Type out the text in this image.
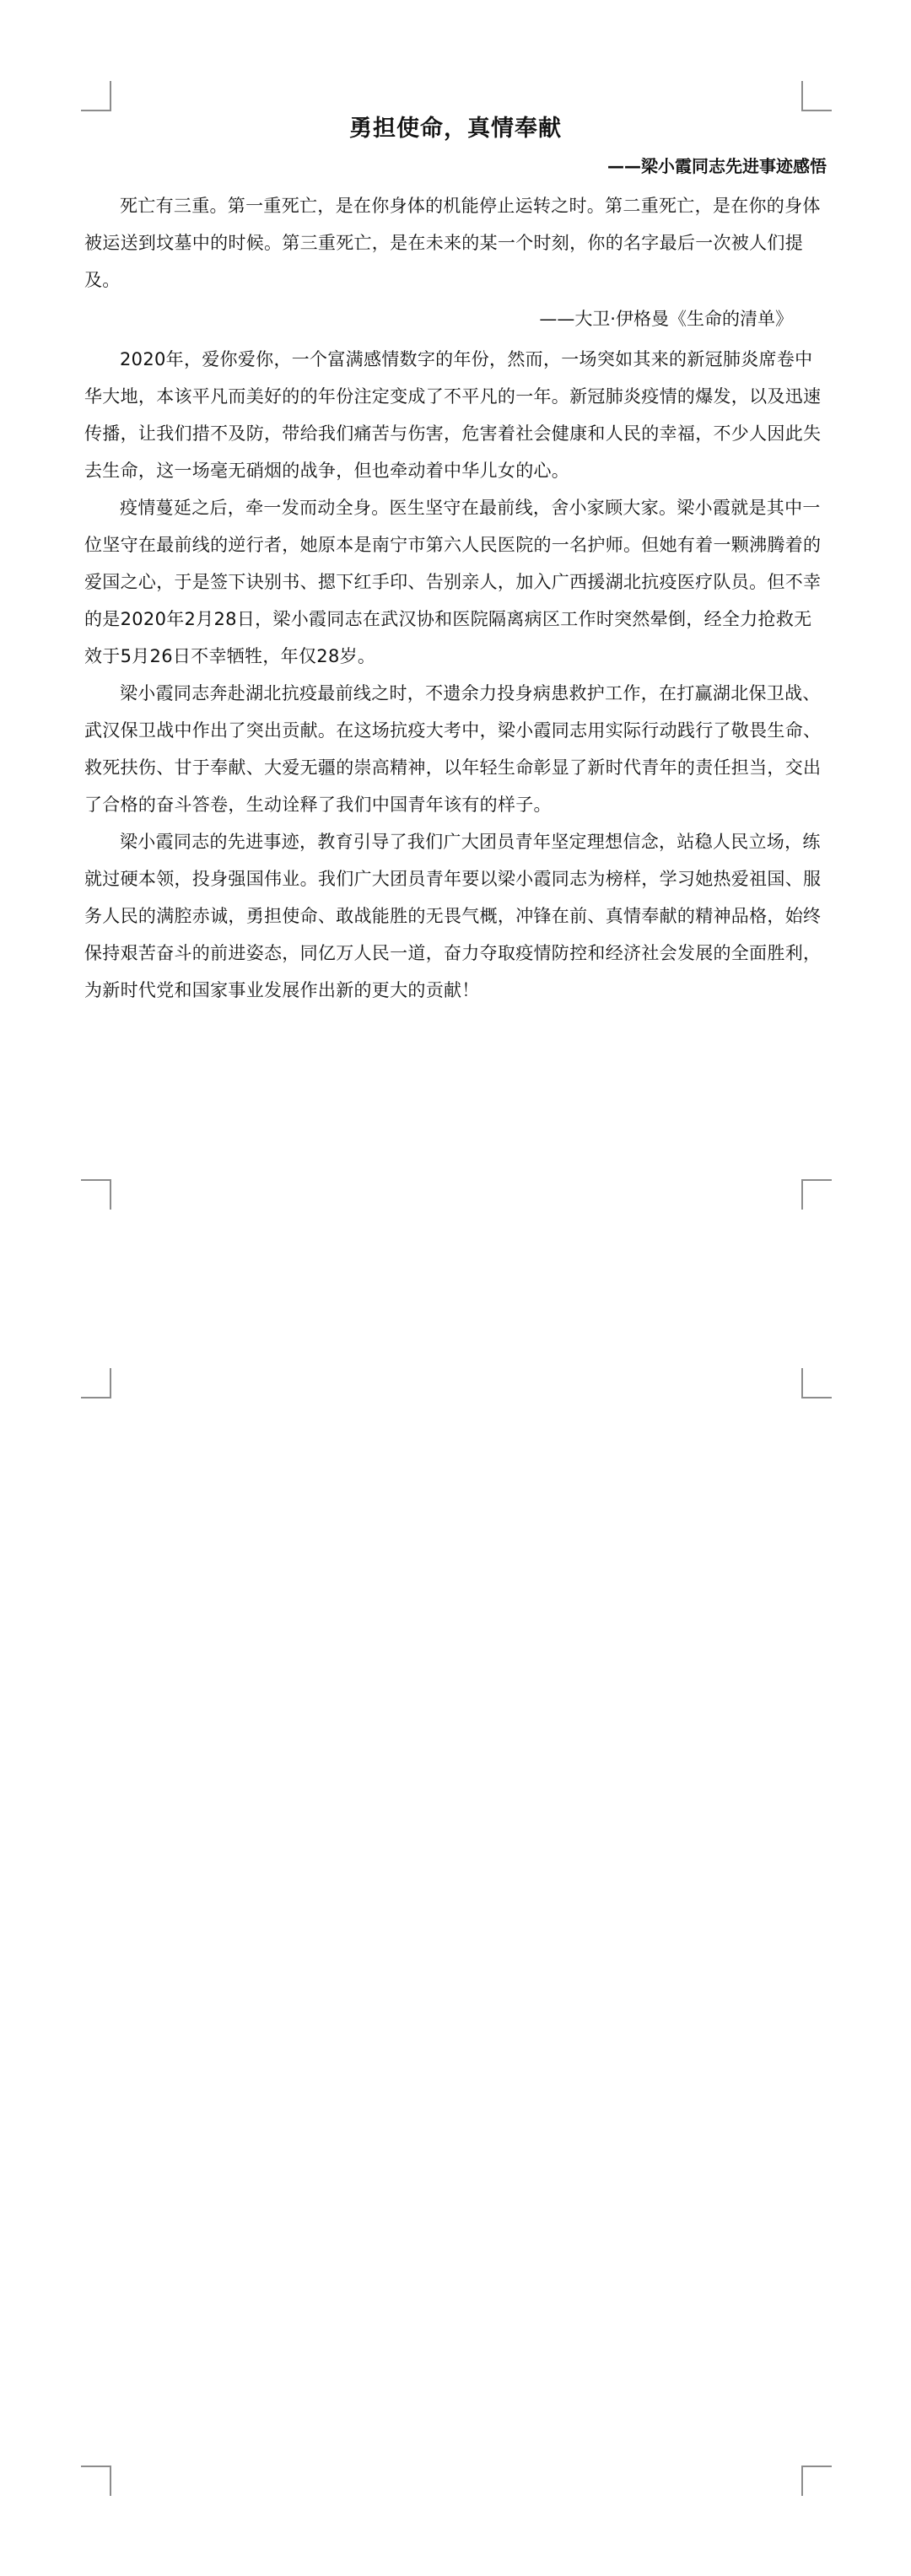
勇担使命，真情奉献
——梁小霞同志先进事迹感悟

死亡有三重。第一重死亡，是在你身体的机能停止运转之时。第二重死亡，是在你的身体被运送到坟墓中的时候。第三重死亡，是在未来的某一个时刻，你的名字最后一次被人们提及。

——大卫·伊格曼《生命的清单》

2020年，爱你爱你，一个富满感情数字的年份，然而，一场突如其来的新冠肺炎席卷中华大地，本该平凡而美好的的年份注定变成了不平凡的一年。新冠肺炎疫情的爆发，以及迅速传播，让我们措不及防，带给我们痛苦与伤害，危害着社会健康和人民的幸福，不少人因此失去生命，这一场毫无硝烟的战争，但也牵动着中华儿女的心。

疫情蔓延之后，牵一发而动全身。医生坚守在最前线，舍小家顾大家。梁小霞就是其中一位坚守在最前线的逆行者，她原本是南宁市第六人民医院的一名护师。但她有着一颗沸腾着的爱国之心，于是签下诀别书、摁下红手印、告别亲人，加入广西援湖北抗疫医疗队员。但不幸的是2020年2月28日，梁小霞同志在武汉协和医院隔离病区工作时突然晕倒，经全力抢救无效于5月26日不幸牺牲，年仅28岁。

梁小霞同志奔赴湖北抗疫最前线之时，不遗余力投身病患救护工作，在打赢湖北保卫战、武汉保卫战中作出了突出贡献。在这场抗疫大考中，梁小霞同志用实际行动践行了敬畏生命、救死扶伤、甘于奉献、大爱无疆的崇高精神，以年轻生命彰显了新时代青年的责任担当，交出了合格的奋斗答卷，生动诠释了我们中国青年该有的样子。

梁小霞同志的先进事迹，教育引导了我们广大团员青年坚定理想信念，站稳人民立场，练就过硬本领，投身强国伟业。我们广大团员青年要以梁小霞同志为榜样，学习她热爱祖国、服务人民的满腔赤诚，勇担使命、敢战能胜的无畏气概，冲锋在前、真情奉献的精神品格，始终保持艰苦奋斗的前进姿态，同亿万人民一道，奋力夺取疫情防控和经济社会发展的全面胜利，为新时代党和国家事业发展作出新的更大的贡献！
